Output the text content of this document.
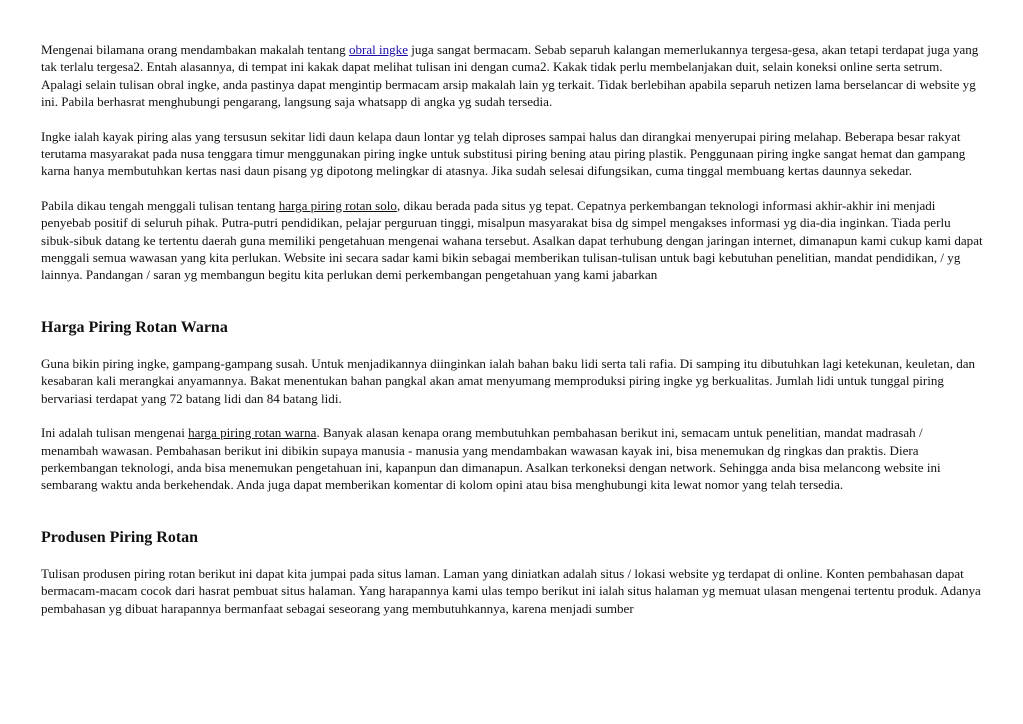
Mengenai bilamana orang mendambakan makalah tentang obral ingke juga sangat bermacam. Sebab separuh kalangan memerlukannya tergesa-gesa, akan tetapi terdapat juga yang tak terlalu tergesa2. Entah alasannya, di tempat ini kakak dapat melihat tulisan ini dengan cuma2. Kakak tidak perlu membelanjakan duit, selain koneksi online serta setrum. Apalagi selain tulisan obral ingke, anda pastinya dapat mengintip bermacam arsip makalah lain yg terkait. Tidak berlebihan apabila separuh netizen lama berselancar di website yg ini. Pabila berhasrat menghubungi pengarang, langsung saja whatsapp di angka yg sudah tersedia.

Ingke ialah kayak piring alas yang tersusun sekitar lidi daun kelapa daun lontar yg telah diproses sampai halus dan dirangkai menyerupai piring melahap. Beberapa besar rakyat terutama masyarakat pada nusa tenggara timur menggunakan piring ingke untuk substitusi piring bening atau piring plastik. Penggunaan piring ingke sangat hemat dan gampang karna hanya membutuhkan kertas nasi daun pisang yg dipotong melingkar di atasnya. Jika sudah selesai difungsikan, cuma tinggal membuang kertas daunnya sekedar.

Pabila dikau tengah menggali tulisan tentang harga piring rotan solo, dikau berada pada situs yg tepat. Cepatnya perkembangan teknologi informasi akhir-akhir ini menjadi penyebab positif di seluruh pihak. Putra-putri pendidikan, pelajar perguruan tinggi, misalpun masyarakat bisa dg simpel mengakses informasi yg dia-dia inginkan. Tiada perlu sibuk-sibuk datang ke tertentu daerah guna memiliki pengetahuan mengenai wahana tersebut. Asalkan dapat terhubung dengan jaringan internet, dimanapun kami cukup kami dapat menggali semua wawasan yang kita perlukan. Website ini secara sadar kami bikin sebagai memberikan tulisan-tulisan untuk bagi kebutuhan penelitian, mandat pendidikan, / yg lainnya. Pandangan / saran yg membangun begitu kita perlukan demi perkembangan pengetahuan yang kami jabarkan

Harga Piring Rotan Warna

Guna bikin piring ingke, gampang-gampang susah. Untuk menjadikannya diinginkan ialah bahan baku lidi serta tali rafia. Di samping itu dibutuhkan lagi ketekunan, keuletan, dan kesabaran kali merangkai anyamannya. Bakat menentukan bahan pangkal akan amat menyumang memproduksi piring ingke yg berkualitas. Jumlah lidi untuk tunggal piring bervariasi terdapat yang 72 batang lidi dan 84 batang lidi.

Ini adalah tulisan mengenai harga piring rotan warna. Banyak alasan kenapa orang membutuhkan pembahasan berikut ini, semacam untuk penelitian, mandat madrasah / menambah wawasan. Pembahasan berikut ini dibikin supaya manusia - manusia yang mendambakan wawasan kayak ini, bisa menemukan dg ringkas dan praktis. Diera perkembangan teknologi, anda bisa menemukan pengetahuan ini, kapanpun dan dimanapun. Asalkan terkoneksi dengan network. Sehingga anda bisa melancong website ini sembarang waktu anda berkehendak. Anda juga dapat memberikan komentar di kolom opini atau bisa menghubungi kita lewat nomor yang telah tersedia.

Produsen Piring Rotan

Tulisan produsen piring rotan berikut ini dapat kita jumpai pada situs laman. Laman yang diniatkan adalah situs / lokasi website yg terdapat di online. Konten pembahasan dapat bermacam-macam cocok dari hasrat pembuat situs halaman. Yang harapannya kami ulas tempo berikut ini ialah situs halaman yg memuat ulasan mengenai tertentu produk. Adanya pembahasan yg dibuat harapannya bermanfaat sebagai seseorang yang membutuhkannya, karena menjadi sumber
